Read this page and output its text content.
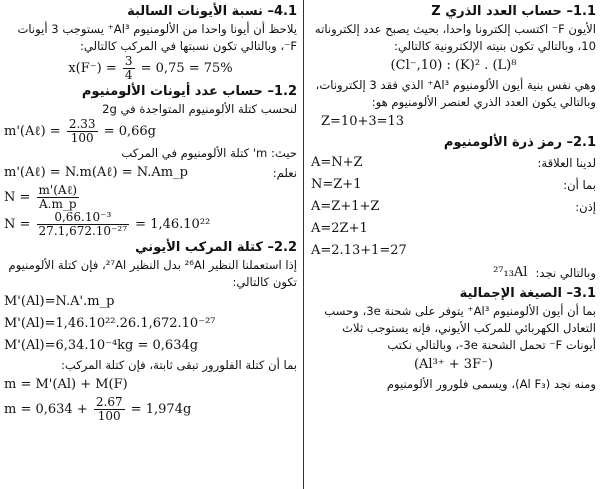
1.1– حساب العدد الذري Z

الأيون F⁻ اكتسب إلكترونا واحدا، بحيث يصبح عدد إلكتروناته 10، وبالتالي تكون بنيته الإلكترونية كالتالي:

(Cl⁻,10) : (K)² . (L)⁸

وهي نفس بنية أيون الألومنيوم Al³⁺ الذي فقد 3 إلكترونات، وبالتالي يكون العدد الذري لعنصر الألومنيوم هو:

Z=10+3=13
2.1– رمز ذرة الألومنيوم
A=N+Z	لدينا العلاقة:
N=Z+1	بما أن:
A=Z+1+Z	إذن:
A=2Z+1
A=2.13+1=27
²⁷₁₃Al وبالتالي نجد:
3.1– الصيغة الإجمالية

بما أن أيون الألومنيوم Al³⁺ يتوفر على شحنة 3e، وحسب التعادل الكهربائي للمركب الأيوني، فإنه يستوجب ثلاث أيونات F⁻ تحمل الشحنة 3e-، وبالتالي نكتب

(Al³⁺ + 3F⁻)

ومنه نجد (Al F₃)، ويسمى فلورور الألومنيوم

4.1– نسبة الأيونات السالبة

يلاحظ أن أيونا واحدا من الألومنيوم Al³⁺ يستوجب 3 أيونات F⁻، وبالتالي تكون نسبتها في المركب كالتالي:

$x(F^-) = \frac{3}{4} = 0,75 = 75\%$
1.2– حساب عدد أيونات الألومنيوم

لنحسب كتلة الألومنيوم المتواجدة في 2g

m'(Aℓ) = $\frac{2.33}{100} = 0,66g$

حيث: m' كتلة الألومنيوم في المركب

m'(Aℓ) = N.m(Aℓ) = N.Am_p	نعلم:
$N = \frac{\text{m'(Aℓ)}}{A.m\_p}$
$N = \frac{\text{0,66.10⁻³}}{\text{27.1,672.10⁻²⁷}} = 1,46.10^{22}$
2.2– كتلة المركب الأيوني

إذا استعملنا النظير ²⁶Al بدل النظير ²⁷Al، فإن كتلة الألومنيوم تكون كالتالي:

M'(Al)=N.A'.m_p
M'(Al)=1,46.10²².26.1,672.10⁻²⁷
M'(Al)=6,34.10⁻⁴kg = 0,634g

بما أن كتلة الفلورور تبقى ثابتة، فإن كتلة المركب:

m = M'(Al) + M(F)
$m = 0,634 + \frac{2.67}{100} = 1,974g$
